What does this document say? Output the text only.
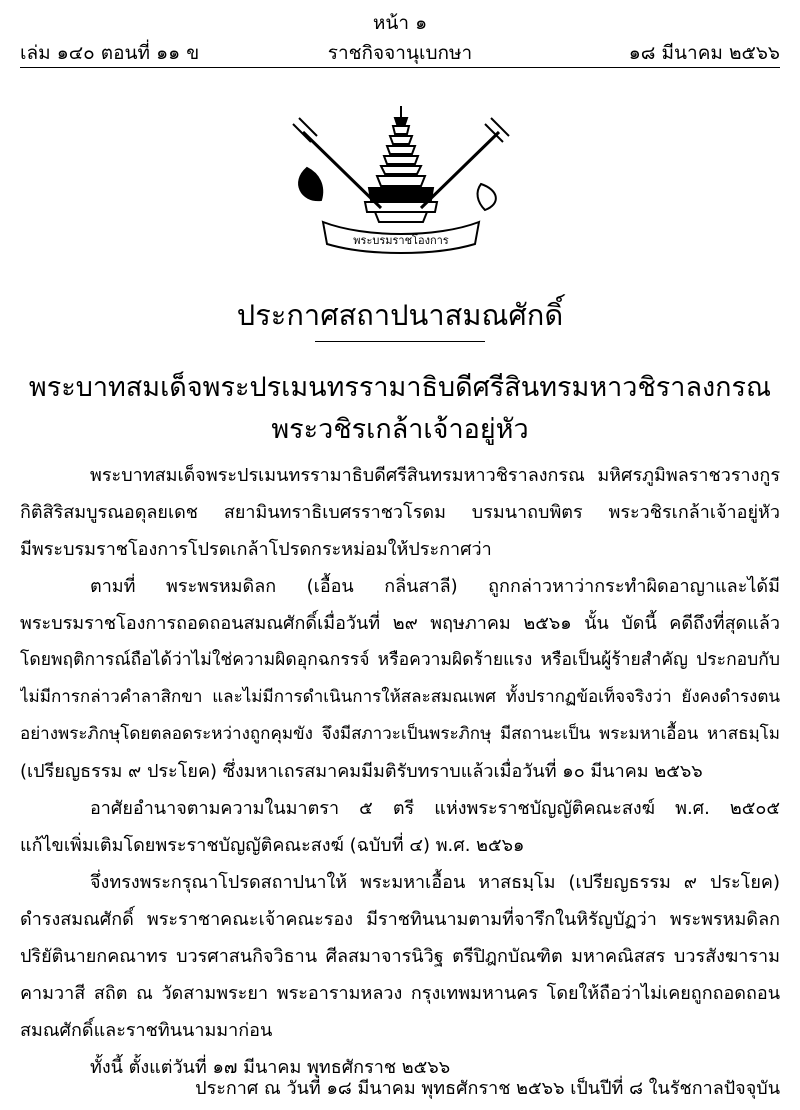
หน้า ๑
เล่ม ๑๔๐ ตอนที่ ๑๑ ข	ราชกิจจานุเบกษา	๑๘ มีนาคม ๒๕๖๖
พระบรมราชโองการ
ประกาศสถาปนาสมณศักดิ์
พระบาทสมเด็จพระปรเมนทรรามาธิบดีศรีสินทรมหาวชิราลงกรณ
พระวชิรเกล้าเจ้าอยู่หัว
พระบาทสมเด็จพระปรเมนทรรามาธิบดีศรีสินทรมหาวชิราลงกรณ มหิศรภูมิพลราชวรางกูร
กิติสิริสมบูรณอดุลยเดช สยามินทราธิเบศรราชวโรดม บรมนาถบพิตร พระวชิรเกล้าเจ้าอยู่หัว
มีพระบรมราชโองการโปรดเกล้าโปรดกระหม่อมให้ประกาศว่า
ตามที่ พระพรหมดิลก (เอื้อน กลิ่นสาลี) ถูกกล่าวหาว่ากระทำผิดอาญาและได้มี
พระบรมราชโองการถอดถอนสมณศักดิ์เมื่อวันที่ ๒๙ พฤษภาคม ๒๕๖๑ นั้น บัดนี้ คดีถึงที่สุดแล้ว
โดยพฤติการณ์ถือได้ว่าไม่ใช่ความผิดอุกฉกรรจ์ หรือความผิดร้ายแรง หรือเป็นผู้ร้ายสำคัญ ประกอบกับ
ไม่มีการกล่าวคำลาสิกขา และไม่มีการดำเนินการให้สละสมณเพศ ทั้งปรากฏข้อเท็จจริงว่า ยังคงดำรงตน
อย่างพระภิกษุโดยตลอดระหว่างถูกคุมขัง จึงมีสภาวะเป็นพระภิกษุ มีสถานะเป็น พระมหาเอื้อน หาสธมฺโม
(เปรียญธรรม ๙ ประโยค) ซึ่งมหาเถรสมาคมมีมติรับทราบแล้วเมื่อวันที่ ๑๐ มีนาคม ๒๕๖๖
อาศัยอำนาจตามความในมาตรา ๕ ตรี แห่งพระราชบัญญัติคณะสงฆ์ พ.ศ. ๒๕๐๕
แก้ไขเพิ่มเติมโดยพระราชบัญญัติคณะสงฆ์ (ฉบับที่ ๔) พ.ศ. ๒๕๖๑
จึ่งทรงพระกรุณาโปรดสถาปนาให้ พระมหาเอื้อน หาสธมฺโม (เปรียญธรรม ๙ ประโยค)
ดำรงสมณศักดิ์ พระราชาคณะเจ้าคณะรอง มีราชทินนามตามที่จารึกในหิรัญบัฏว่า พระพรหมดิลก
ปริยัตินายกคณาทร บวรศาสนกิจวิธาน ศีลสมาจารนิวิฐ ตรีปิฎกบัณฑิต มหาคณิสสร บวรสังฆาราม
คามวาสี สถิต ณ วัดสามพระยา พระอารามหลวง กรุงเทพมหานคร โดยให้ถือว่าไม่เคยถูกถอดถอน
สมณศักดิ์และราชทินนามมาก่อน
ทั้งนี้ ตั้งแต่วันที่ ๑๗ มีนาคม พุทธศักราช ๒๕๖๖
ประกาศ ณ วันที่ ๑๘ มีนาคม พุทธศักราช ๒๕๖๖ เป็นปีที่ ๘ ในรัชกาลปัจจุบัน
